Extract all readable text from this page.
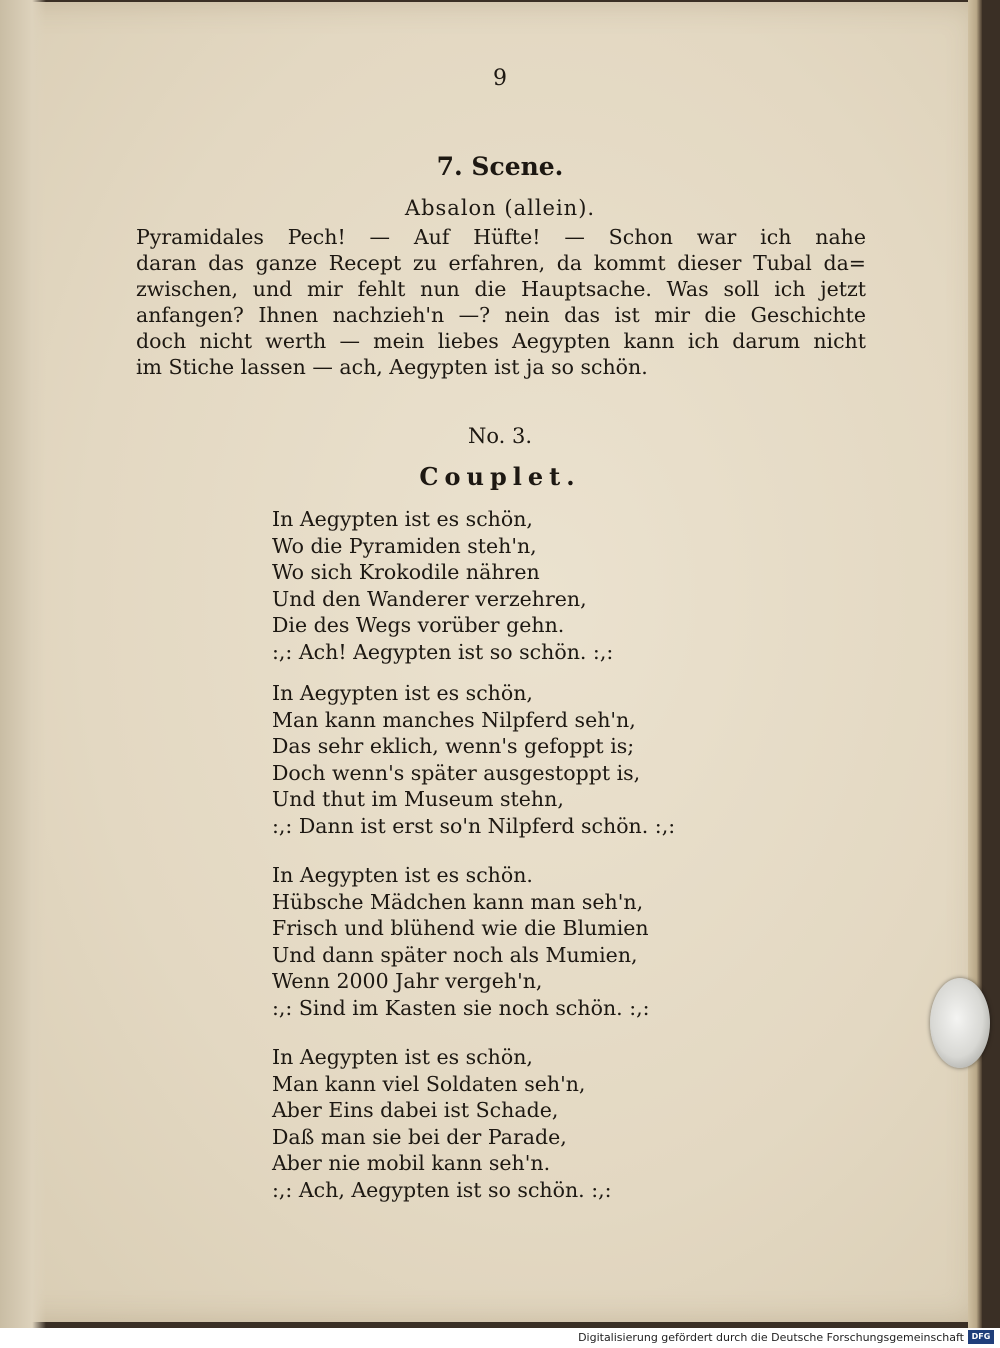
9
7. Scene.
Absalon (allein).
Pyramidales Pech! — Auf Hüfte! — Schon war ich nahe
daran das ganze Recept zu erfahren, da kommt dieser Tubal da=
zwischen, und mir fehlt nun die Hauptsache. Was soll ich jetzt
anfangen? Ihnen nachzieh'n —? nein das ist mir die Geschichte
doch nicht werth — mein liebes Aegypten kann ich darum nicht
im Stiche lassen — ach, Aegypten ist ja so schön.
No. 3.
Couplet.
In Aegypten ist es schön,
Wo die Pyramiden steh'n,
Wo sich Krokodile nähren
Und den Wanderer verzehren,
Die des Wegs vorüber gehn.
:,: Ach! Aegypten ist so schön. :,:
In Aegypten ist es schön,
Man kann manches Nilpferd seh'n,
Das sehr eklich, wenn's gefoppt is;
Doch wenn's später ausgestoppt is,
Und thut im Museum stehn,
:,: Dann ist erst so'n Nilpferd schön. :,:
In Aegypten ist es schön.
Hübsche Mädchen kann man seh'n,
Frisch und blühend wie die Blumien
Und dann später noch als Mumien,
Wenn 2000 Jahr vergeh'n,
:,: Sind im Kasten sie noch schön. :,:
In Aegypten ist es schön,
Man kann viel Soldaten seh'n,
Aber Eins dabei ist Schade,
Daß man sie bei der Parade,
Aber nie mobil kann seh'n.
:,: Ach, Aegypten ist so schön. :,:
Digitalisierung gefördert durch die Deutsche Forschungsgemeinschaft DFG
